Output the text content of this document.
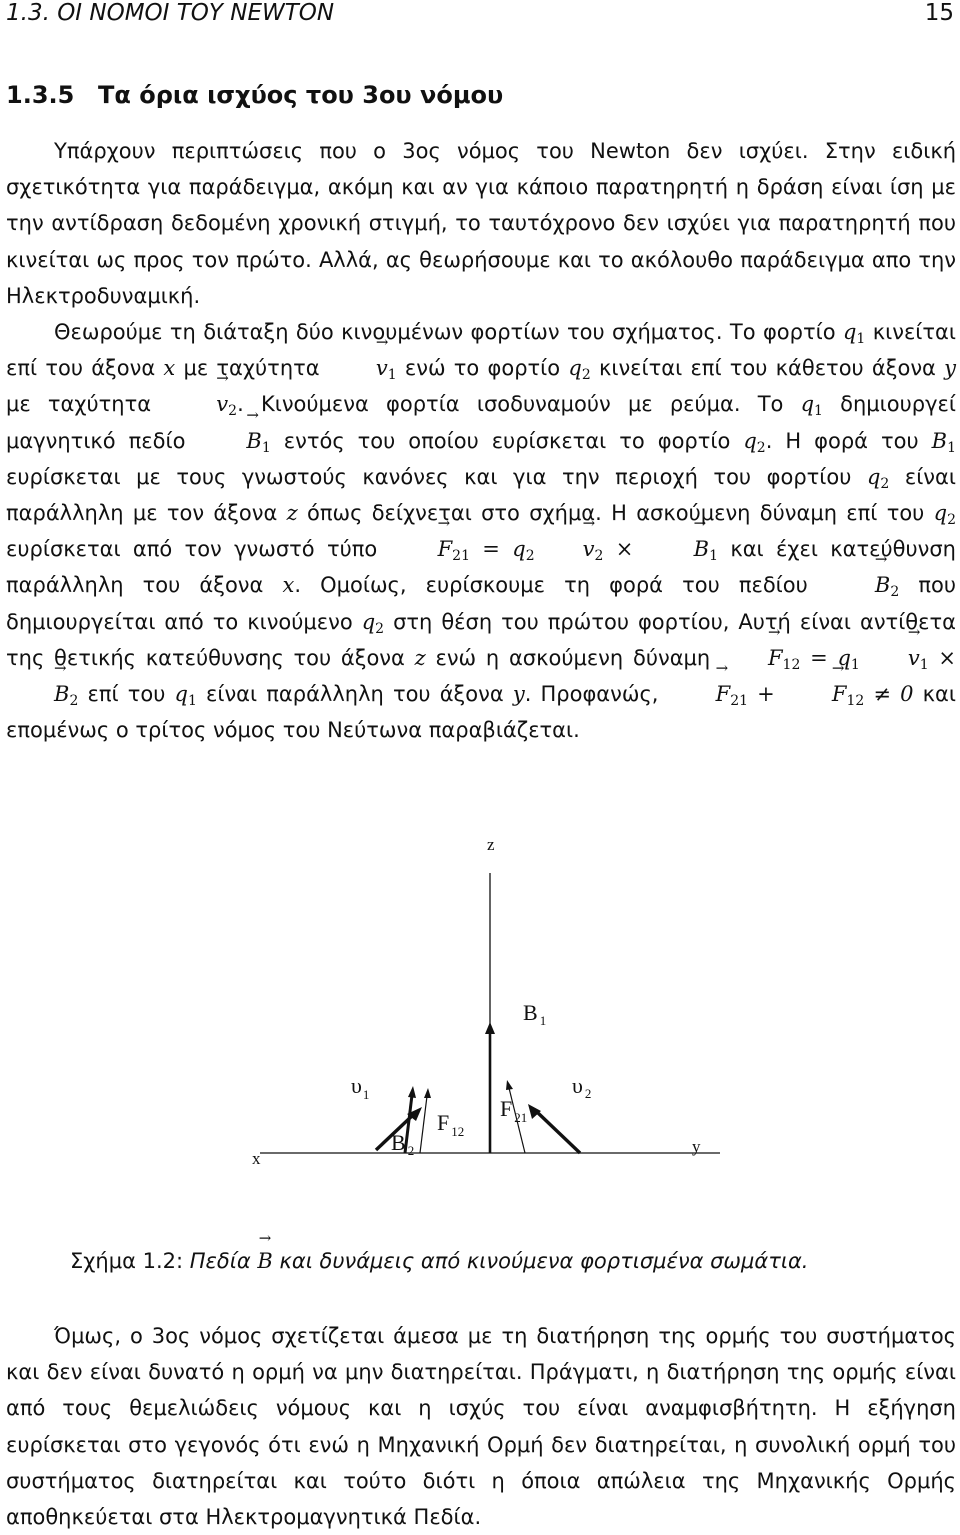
1.3. ΟΙ ΝΟΜΟΙ ΤΟΥ NEWTON	15
1.3.5 Τα όρια ισχύος του 3ου νόμου

Υπάρχουν περιπτώσεις που ο 3ος νόμος του Newton δεν ισχύει. Στην ειδική σχετικότητα για παράδειγμα, ακόμη και αν για κάποιο παρατηρητή η δράση είναι ίση με την αντίδραση δεδομένη χρονική στιγμή, το ταυτόχρονο δεν ισχύει για παρατηρητή που κινείται ως προς τον πρώτο. Αλλά, ας θεωρήσουμε και το ακόλουθο παράδειγμα απο την Ηλεκτροδυναμική.

Θεωρούμε τη διάταξη δύο κινουμένων φορτίων του σχήματος. Το φορτίο $q_1$ κινείται επί του άξονα x με $\tau\alpha\chi ύ\tau\eta\tau\alpha \to v_1$ ενώ το φορτίο $q_2$ κινείται επί του κάθετου άξονα y με $\tau\alpha\chi ύ\tau\eta\tau\alpha \to v_2$. Κινούμενα φορτία ισοδυναμούν με ρεύμα. Το $q_1$ δημιουργεί μαγνητικό $\pi\varepsilon\delta ίo \to B_1$ εντός του οποίου ευρίσκεται το φορτίο $q_2$. Η φορά του $B_1$ ευρίσκεται με τους γνωστούς κανόνες και για την περιοχή του φορτίου $q_2$ είναι παράλληλη με τον άξονα z όπως δείχνεται στο σχήμα. Η ασκούμενη δύναμη επί του $q_2$ ευρίσκεται από τον γνωστό $\tau ύ\pi o \to F_{21} = q_2 \to v_2$ × → $B_1$ και έχει κατεύθυνση παράλληλη του άξονα x. Ομοίως, ευρίσκουμε τη φορά του $\pi\varepsilon\delta ίo\upsilon \to B_2$ που δημιουργείται από το κινούμενο $q_2$ στη θέση του πρώτου φορτίου, Αυτή είναι αντίθετα της θετικής κατεύθυνσης του άξονα z ενώ η ασκούμενη $\delta ύ\nu\alpha\mu\eta \to F_{12} = q_1 \to v_1$ × → $B_2$ επί του $q_1$ είναι παράλληλη του άξονα y. Προφανώς, → $F_{21}$ + → $F_{12} \ne 0$ και επομένως ο τρίτος νόμος του Νεύτωνα παραβιάζεται.

z
x
y
B $_1$
$\upsilon_1$	υ $_2$
B $_2$
F $_{12}$
F $_{21}$

Σχήμα 1.2: Πεδία → B και δυνάμεις από κινούμενα φορτισμένα σωμάτια.

Όμως, ο 3ος νόμος σχετίζεται άμεσα με τη διατήρηση της ορμής του συστήματος και δεν είναι δυνατό η ορμή να μην διατηρείται. Πράγματι, η διατήρηση της ορμής είναι από τους θεμελιώδεις νόμους και η ισχύς του είναι αναμφισβήτητη. Η εξήγηση ευρίσκεται στο γεγονός ότι ενώ η Μηχανική Ορμή δεν διατηρείται, η συνολική ορμή του συστήματος διατηρείται και τούτο διότι η όποια απώλεια της Μηχανικής Ορμής αποθηκεύεται στα Ηλεκτρομαγνητικά Πεδία.
